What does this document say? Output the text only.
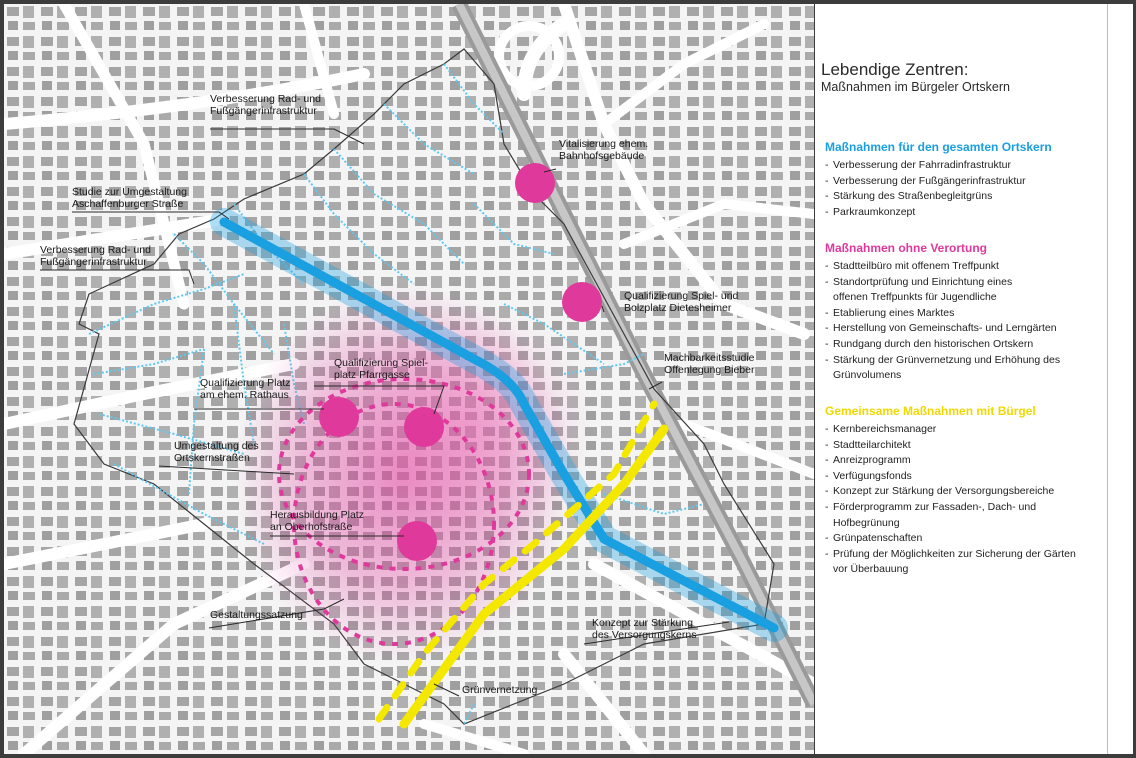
Verbesserung Rad- und
Fußgängerinfrastruktur
Studie zur Umgestaltung
Aschaffenburger Straße
Verbesserung Rad- und
Fußgängerinfrastruktur
Vitalisierung ehem.
Bahnhofsgebäude
Qualifizierung Spiel- und
Bolzplatz Dietesheimer
Qualifizierung Spiel-
platz Pfarrgasse
Qualifizierung Platz
am ehem. Rathaus
Machbarkeitsstudie
Offenlegung Bieber
Umgestaltung des
Ortskernstraßen
Herausbildung Platz
an Oberhofstraße
Gestaltungssatzung
Konzept zur Stärkung
des Versorgungskerns
Grünvernetzung
Lebendige Zentren:
Maßnahmen im Bürgeler Ortskern
Maßnahmen für den gesamten Ortskern
- Verbesserung der Fahrradinfrastruktur
- Verbesserung der Fußgängerinfrastruktur
- Stärkung des Straßenbegleitgrüns
- Parkraumkonzept
Maßnahmen ohne Verortung
- Stadtteilbüro mit offenem Treffpunkt
- Standortprüfung und Einrichtung eines
offenen Treffpunkts für Jugendliche
- Etablierung eines Marktes
- Herstellung von Gemeinschafts- und Lerngärten
- Rundgang durch den historischen Ortskern
- Stärkung der Grünvernetzung und Erhöhung des
Grünvolumens
Gemeinsame Maßnahmen mit Bürgel
- Kernbereichsmanager
- Stadtteilarchitekt
- Anreizprogramm
- Verfügungsfonds
- Konzept zur Stärkung der Versorgungsbereiche
- Förderprogramm zur Fassaden-, Dach- und
Hofbegrünung
- Grünpatenschaften
- Prüfung der Möglichkeiten zur Sicherung der Gärten
vor Überbauung
